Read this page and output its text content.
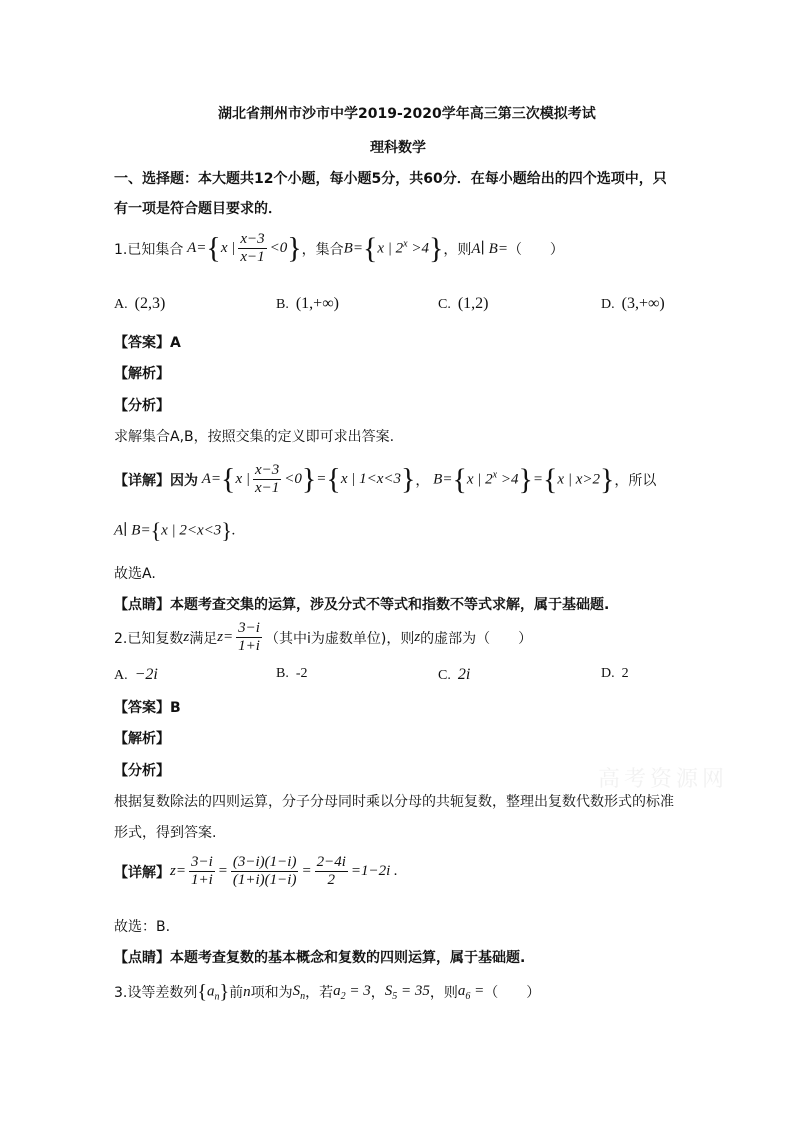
高考资源网
湖北省荆州市沙市中学2019-2020学年高三第三次模拟考试
理科数学
一、选择题：本大题共12个小题，每小题5分，共60分．在每小题给出的四个选项中，只
有一项是符合题目要求的．
1.已知集合 A={x | $\frac{x-3}{x-1} <0$} ，集合 B={x | $2^x >4$} ，则 A∣ B= （　　）
A. (2,3)	B. (1,+∞)	C. (1,2)	D. (3,+∞)
【答案】A
【解析】
【分析】
求解集合A,B，按照交集的定义即可求出答案.
【详解】因为 A={x | $\frac{x-3}{x-1} <0\}=\{x$ | 1<x<3} ， B={x | $2^x >4\}=\{x$ | x>2} ，所以
A∣ B={x | 2<x<3}.
故选A.
【点睛】本题考查交集的运算，涉及分式不等式和指数不等式求解，属于基础题.
2.已知复数 z 满足 $z= \frac{3-i}{1+i}$ （其中i为虚数单位)，则 z 的虚部为（　　）
A. −2i	B. -2	C. 2i	D. 2
【答案】B
【解析】
【分析】
根据复数除法的四则运算，分子分母同时乘以分母的共轭复数，整理出复数代数形式的标准
形式，得到答案.
【详解】 $z= \frac{3-i}{1+i} = \frac{(3-i)(1-i)}{(1+i)(1-i)} = \frac{2-4i}{2} =1-2i$ .
故选：B.
【点睛】本题考查复数的基本概念和复数的四则运算，属于基础题.
3.设等差数列 $\{a_n\}$ 前 n 项和为 $S_n$ ，若 $a_2 = 3$ ， $S_5 = 35$ ，则 $a_6$ = （　　）
